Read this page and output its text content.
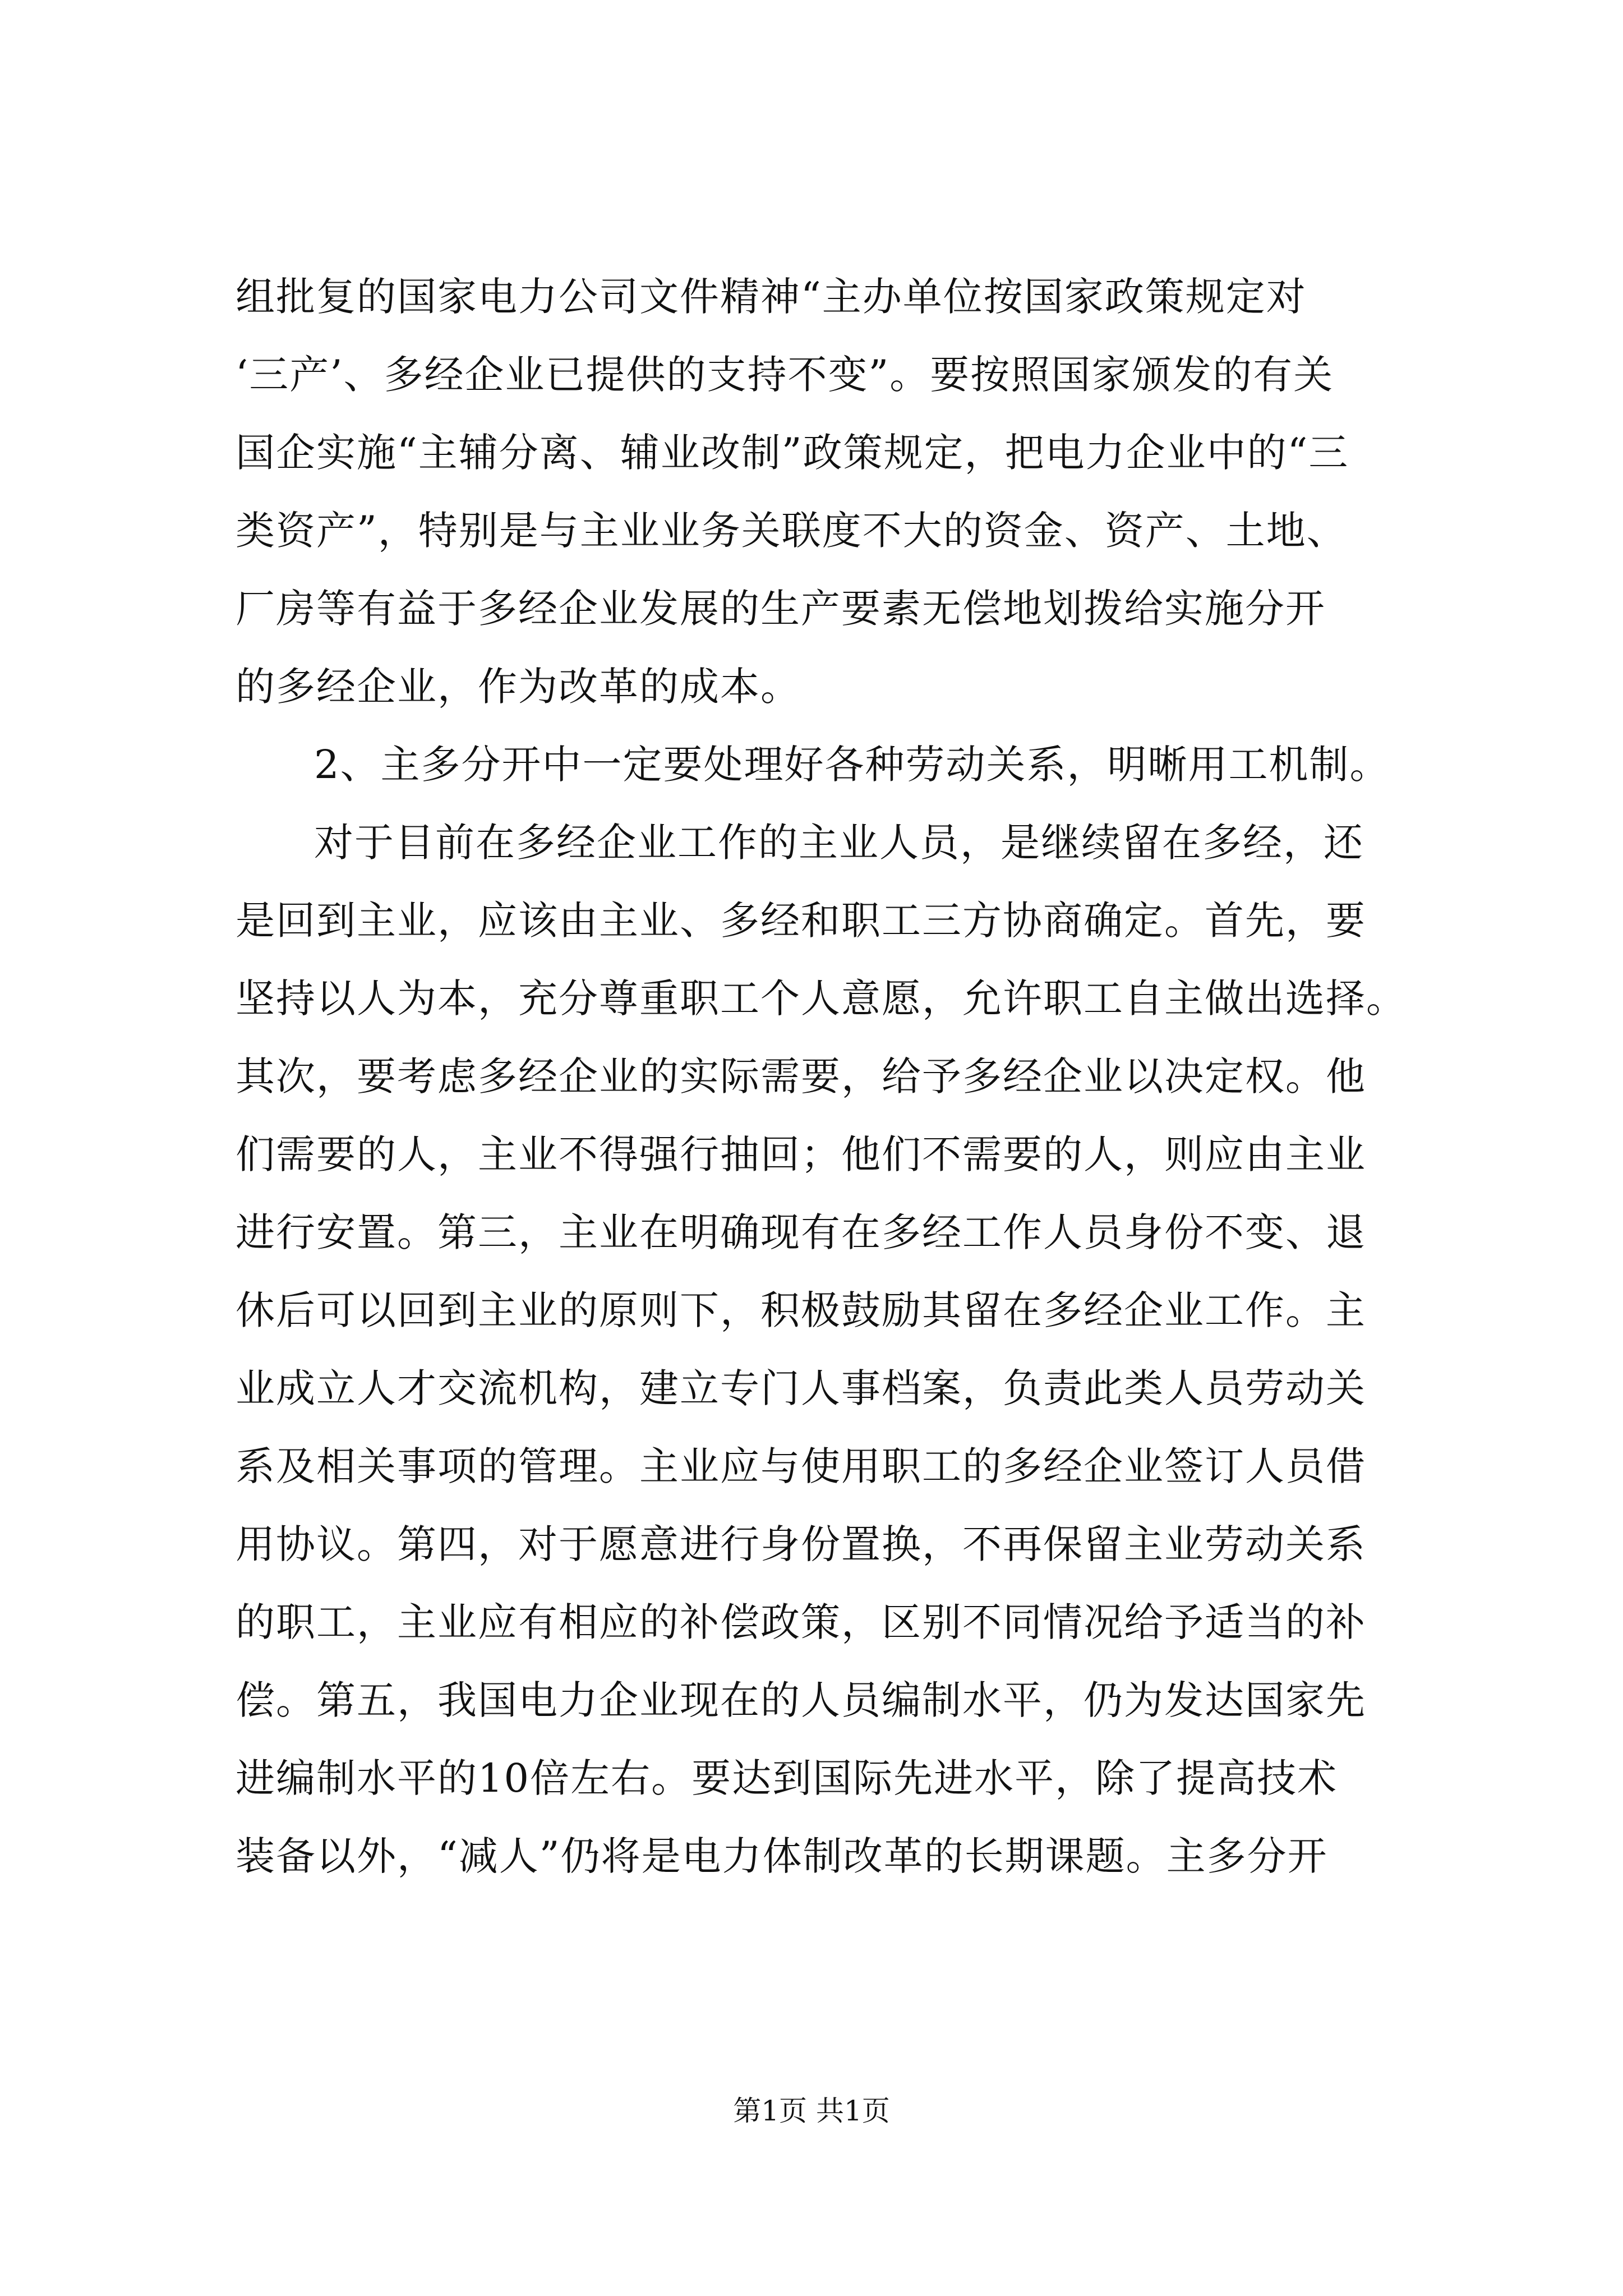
组批复的国家电力公司文件精神“主办单位按国家政策规定对
‘三产’、多经企业已提供的支持不变”。要按照国家颁发的有关
国企实施“主辅分离、辅业改制”政策规定，把电力企业中的“三
类资产”，特别是与主业业务关联度不大的资金、资产、土地、
厂房等有益于多经企业发展的生产要素无偿地划拨给实施分开
的多经企业，作为改革的成本。
2、主多分开中一定要处理好各种劳动关系，明晰用工机制。
对于目前在多经企业工作的主业人员，是继续留在多经，还
是回到主业，应该由主业、多经和职工三方协商确定。首先，要
坚持以人为本，充分尊重职工个人意愿，允许职工自主做出选择。
其次，要考虑多经企业的实际需要，给予多经企业以决定权。他
们需要的人，主业不得强行抽回；他们不需要的人，则应由主业
进行安置。第三，主业在明确现有在多经工作人员身份不变、退
休后可以回到主业的原则下，积极鼓励其留在多经企业工作。主
业成立人才交流机构，建立专门人事档案，负责此类人员劳动关
系及相关事项的管理。主业应与使用职工的多经企业签订人员借
用协议。第四，对于愿意进行身份置换，不再保留主业劳动关系
的职工，主业应有相应的补偿政策，区别不同情况给予适当的补
偿。第五，我国电力企业现在的人员编制水平，仍为发达国家先
进编制水平的10倍左右。要达到国际先进水平，除了提高技术
装备以外，“减人”仍将是电力体制改革的长期课题。主多分开
第1页 共1页
